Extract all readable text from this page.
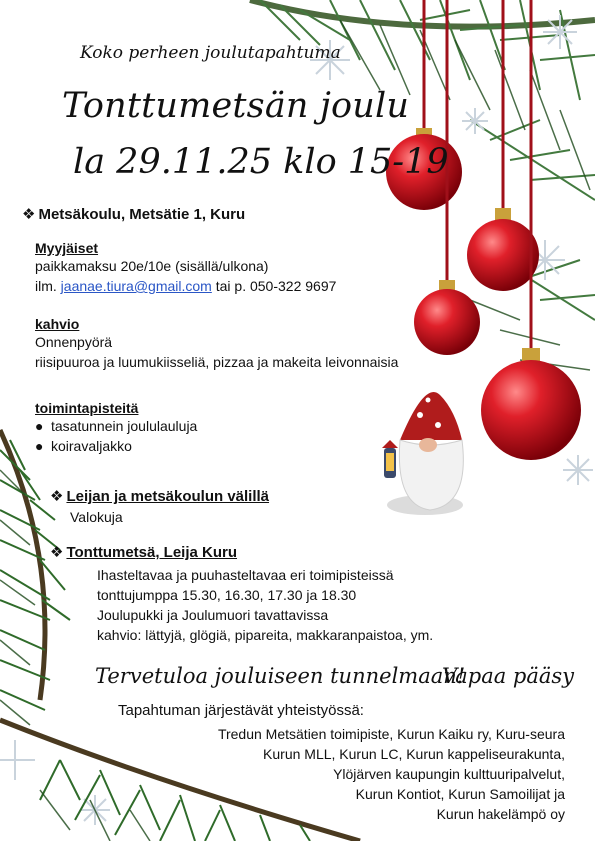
Koko perheen joulutapahtuma

Tonttumetsän joulu
la 29.11.25 klo 15-19
❖ Metsäkoulu, Metsätie 1, Kuru
Myyjäiset
paikkamaksu 20e/10e (sisällä/ulkona)
ilm. jaanae.tiura@gmail.com tai p. 050-322 9697
kahvio
Onnenpyörä
riisipuuroa ja luumukiisseliä, pizzaa ja makeita leivonnaisia
toimintapisteitä
● tasatunnein joululauluja
● koiravaljakko
❖ Leijan ja metsäkoulun välillä
Valokuja
❖ Tonttumetsä, Leija Kuru
Ihasteltavaa ja puuhasteltavaa eri toimipisteissä
tonttujumppa 15.30, 16.30, 17.30 ja 18.30
Joulupukki ja Joulumuori tavattavissa
kahvio: lättyjä, glögiä, pipareita, makkaranpaistoa, ym.

Tervetuloa jouluiseen tunnelmaan!

Vapaa pääsy

Tapahtuman järjestävät yhteistyössä:

Tredun Metsätien toimipiste, Kurun Kaiku ry, Kuru-seura
Kurun MLL, Kurun LC, Kurun kappeliseurakunta,
Ylöjärven kaupungin kulttuuripalvelut,
Kurun Kontiot, Kurun Samoilijat ja
Kurun hakelämpö oy
